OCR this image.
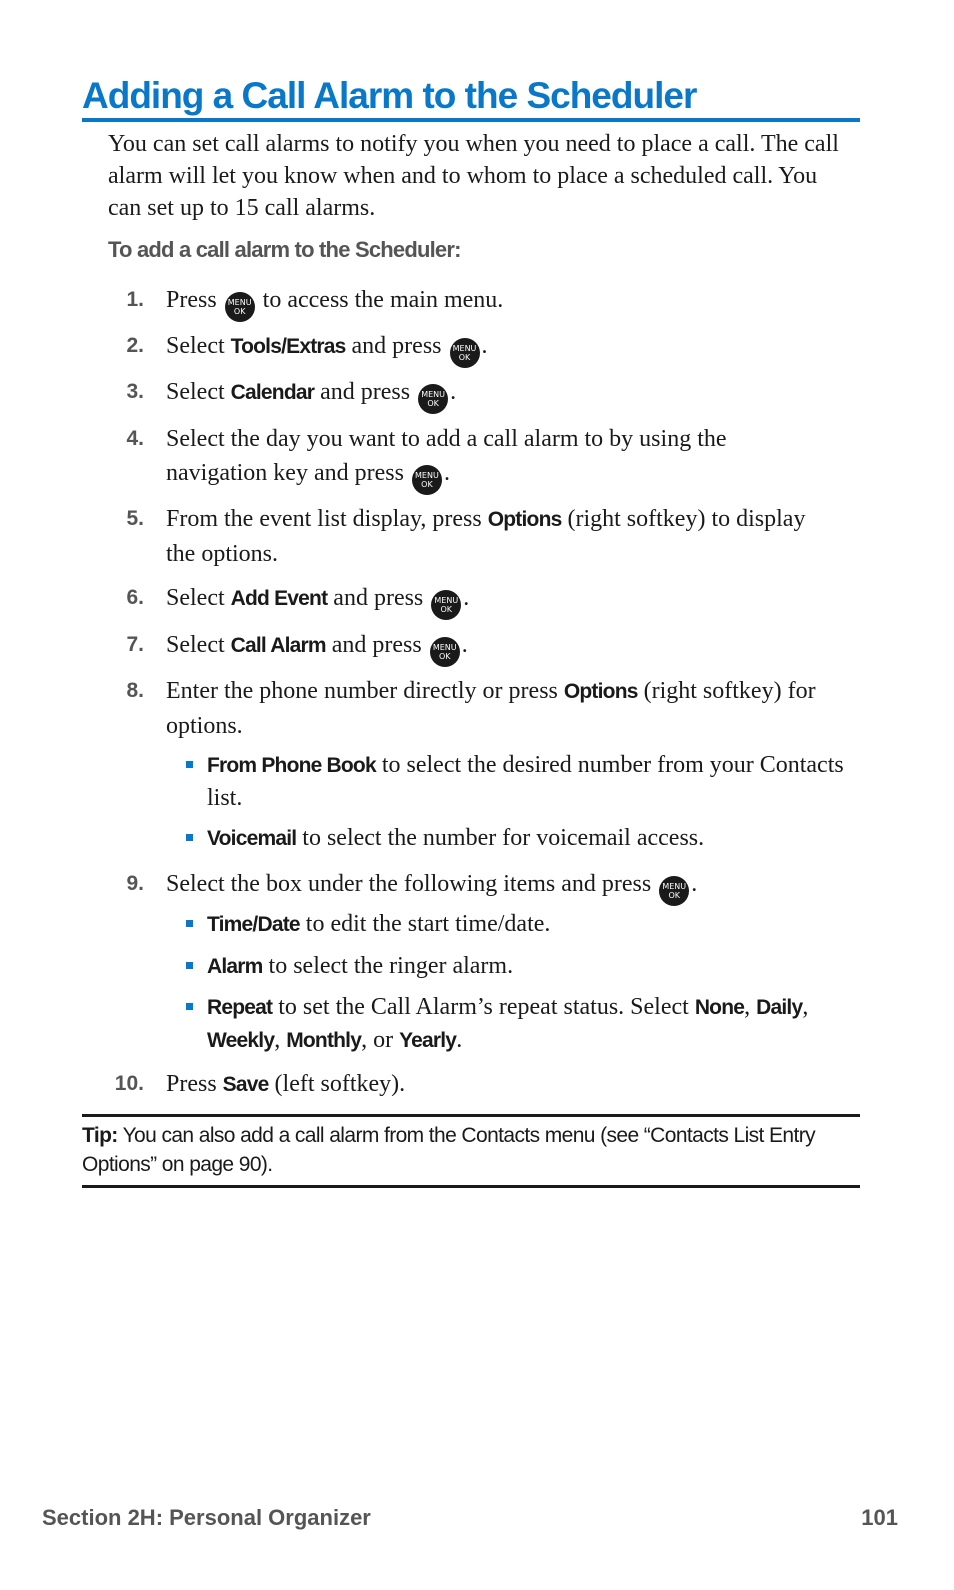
Adding a Call Alarm to the Scheduler

You can set call alarms to notify you when you need to place a call. The call alarm will let you know when and to whom to place a scheduled call. You can set up to 15 call alarms.

To add a call alarm to the Scheduler:

1. Press MENU
OK to access the main menu.
2. Select Tools/Extras and press MENU
OK .
3. Select Calendar and press MENU
OK .
4. Select the day you want to add a call alarm to by using the navigation key and press MENU
OK .
5. From the event list display, press Options (right softkey) to display the options.
6. Select Add Event and press MENU
OK .
7. Select Call Alarm and press MENU
OK .
8. Enter the phone number directly or press Options (right softkey) for options.
From Phone Book to select the desired number from your Contacts list.
Voicemail to select the number for voicemail access.
9. Select the box under the following items and press MENU
OK .
Time/Date to edit the start time/date.
Alarm to select the ringer alarm.
Repeat to set the Call Alarm’s repeat status. Select None, Daily, Weekly, Monthly, or Yearly.
10. Press Save (left softkey).

Tip: You can also add a call alarm from the Contacts menu (see “Contacts List Entry Options” on page 90).

Section 2H: Personal Organizer	101
